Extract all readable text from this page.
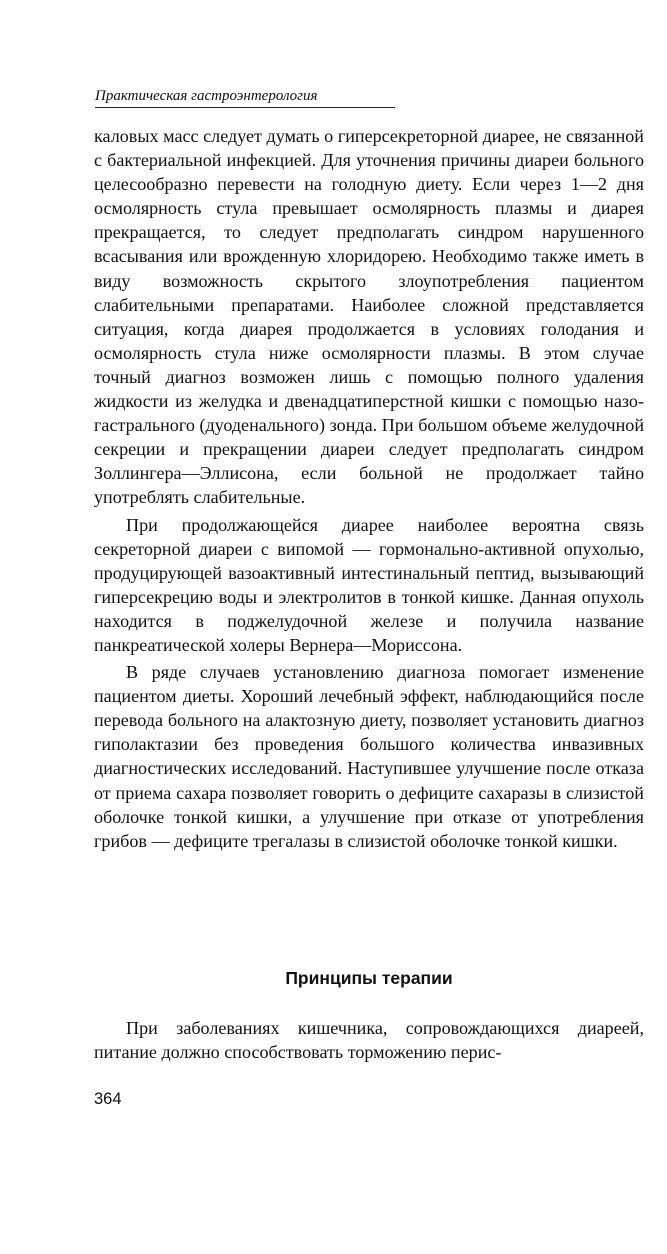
Практическая гастроэнтерология

каловых масс следует думать о гиперсекреторной диарее, не связанной с бактериальной инфекцией. Для уточнения причины диареи больного целесообразно перевести на голодную диету. Если через 1—2 дня осмолярность стула превышает осмолярность плазмы и диарея прекращается, то следует предполагать синдром нарушенного всасывания или врожденную хлоридорею. Необходимо также иметь в виду возможность скрытого злоупотребления пациентом слабительными препаратами. Наиболее сложной представляется ситуация, когда диарея продолжается в условиях голодания и осмолярность стула ниже осмолярности плазмы. В этом случае точный диагноз возможен лишь с помощью полного удаления жидкости из желудка и двенадцатиперстной кишки с помощью назогастрального (дуоденального) зонда. При большом объеме желудочной секреции и прекращении диареи следует предполагать синдром Золлингера—Эллисона, если больной не продолжает тайно употреблять слабительные.

При продолжающейся диарее наиболее вероятна связь секреторной диареи с випомой — гормонально-активной опухолью, продуцирующей вазоактивный интестинальный пептид, вызывающий гиперсекрецию воды и электролитов в тонкой кишке. Данная опухоль находится в поджелудочной железе и получила название панкреатической холеры Вернера—Мориссона.

В ряде случаев установлению диагноза помогает изменение пациентом диеты. Хороший лечебный эффект, наблюдающийся после перевода больного на алактозную диету, позволяет установить диагноз гиполактазии без проведения большого количества инвазивных диагностических исследований. Наступившее улучшение после отказа от приема сахара позволяет говорить о дефиците сахаразы в слизистой оболочке тонкой кишки, а улучшение при отказе от употребления грибов — дефиците трегалазы в слизистой оболочке тонкой кишки.

Принципы терапии

При заболеваниях кишечника, сопровождающихся диареей, питание должно способствовать торможению перис-

364
